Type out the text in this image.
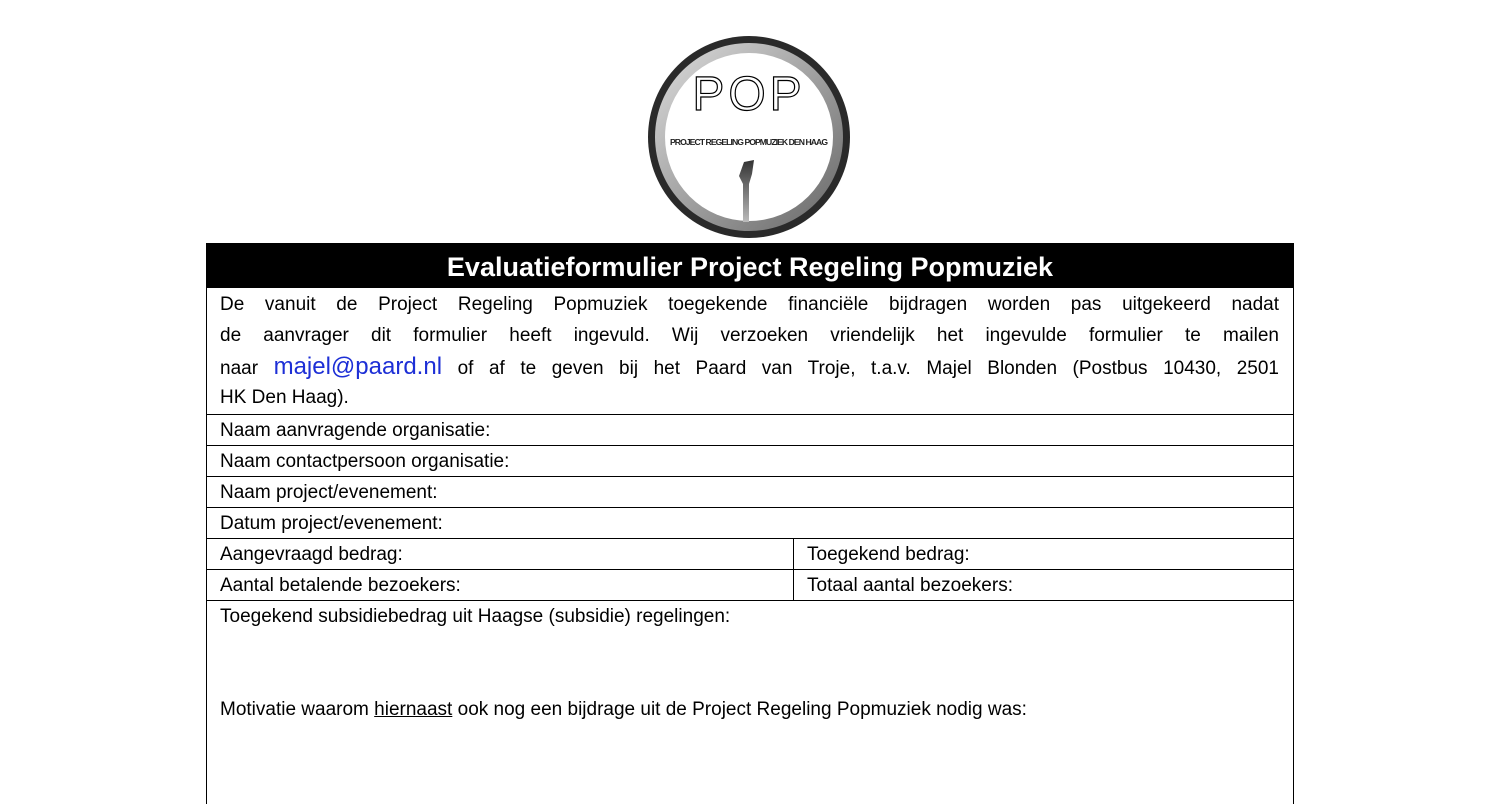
POP
PROJECT REGELING POPMUZIEK DEN HAAG
Evaluatieformulier Project Regeling Popmuziek
De vanuit de Project Regeling Popmuziek toegekende financiële bijdragen worden pas uitgekeerd nadat
de aanvrager dit formulier heeft ingevuld. Wij verzoeken vriendelijk het ingevulde formulier te mailen
naar majel@paard.nl of af te geven bij het Paard van Troje, t.a.v. Majel Blonden (Postbus 10430, 2501
HK Den Haag).
Naam aanvragende organisatie:
Naam contactpersoon organisatie:
Naam project/evenement:
Datum project/evenement:
Aangevraagd bedrag:	Toegekend bedrag:
Aantal betalende bezoekers:	Totaal aantal bezoekers:

Toegekend subsidiebedrag uit Haagse (subsidie) regelingen:

Motivatie waarom hiernaast ook nog een bijdrage uit de Project Regeling Popmuziek nodig was:
